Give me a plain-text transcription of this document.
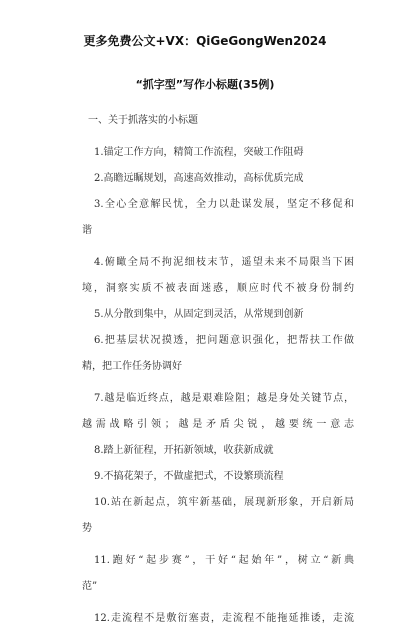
更多免费公文+VX：QiGeGongWen2024
“抓字型”写作小标题(35例)
一、关于抓落实的小标题
1.锚定工作方向，精简工作流程，突破工作阻碍
2.高瞻远瞩规划，高速高效推动，高标优质完成
3.全心全意解民忧，全力以赴谋发展，坚定不移促和
谐
4.俯瞰全局不拘泥细枝末节，遥望未来不局限当下困
境，洞察实质不被表面迷惑，顺应时代不被身份制约
5.从分散到集中，从固定到灵活，从常规到创新
6.把基层状况摸透，把问题意识强化，把帮扶工作做
精，把工作任务协调好
7.越是临近终点，越是艰难险阻；越是身处关键节点，
越需战略引领；越是矛盾尖锐，越要统一意志
8.踏上新征程，开拓新领域，收获新成就
9.不搞花架子，不做虚把式，不设繁琐流程
10.站在新起点，筑牢新基础，展现新形象，开启新局
势
11.跑好“起步赛”，干好“起始年”，树立“新典
范”
12.走流程不是敷衍塞责，走流程不能拖延推诿，走流
